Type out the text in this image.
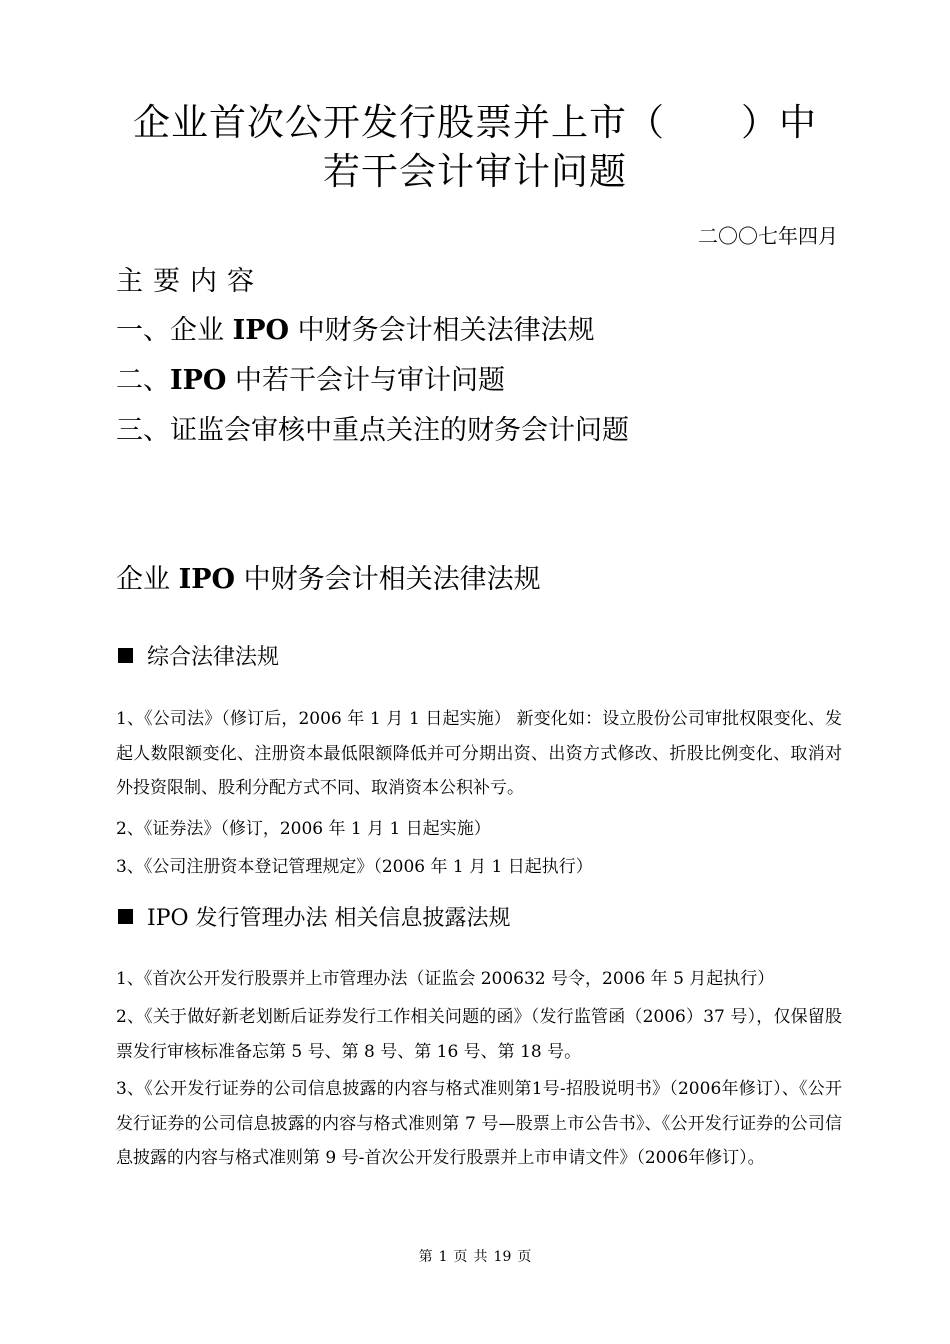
企业首次公开发行股票并上市（　　）中
若干会计审计问题
二〇〇七年四月
主要内容
一、企业 IPO 中财务会计相关法律法规
二、IPO 中若干会计与审计问题
三、证监会审核中重点关注的财务会计问题
企业 IPO 中财务会计相关法律法规
综合法律法规
1、《公司法》（修订后，2006 年 1 月 1 日起实施） 新变化如：设立股份公司审批权限变化、发起人数限额变化、注册资本最低限额降低并可分期出资、出资方式修改、折股比例变化、取消对外投资限制、股利分配方式不同、取消资本公积补亏。
2、《证券法》（修订，2006 年 1 月 1 日起实施）
3、《公司注册资本登记管理规定》（2006 年 1 月 1 日起执行）
IPO 发行管理办法 相关信息披露法规
1、《首次公开发行股票并上市管理办法（证监会 200632 号令，2006 年 5 月起执行）
2、《关于做好新老划断后证券发行工作相关问题的函》（发行监管函（2006）37 号），仅保留股票发行审核标准备忘第 5 号、第 8 号、第 16 号、第 18 号。
3、《公开发行证券的公司信息披露的内容与格式准则第1号-招股说明书》（2006年修订）、《公开发行证券的公司信息披露的内容与格式准则第 7 号—股票上市公告书》、《公开发行证券的公司信息披露的内容与格式准则第 9 号-首次公开发行股票并上市申请文件》（2006年修订）。
第 1 页 共 19 页
